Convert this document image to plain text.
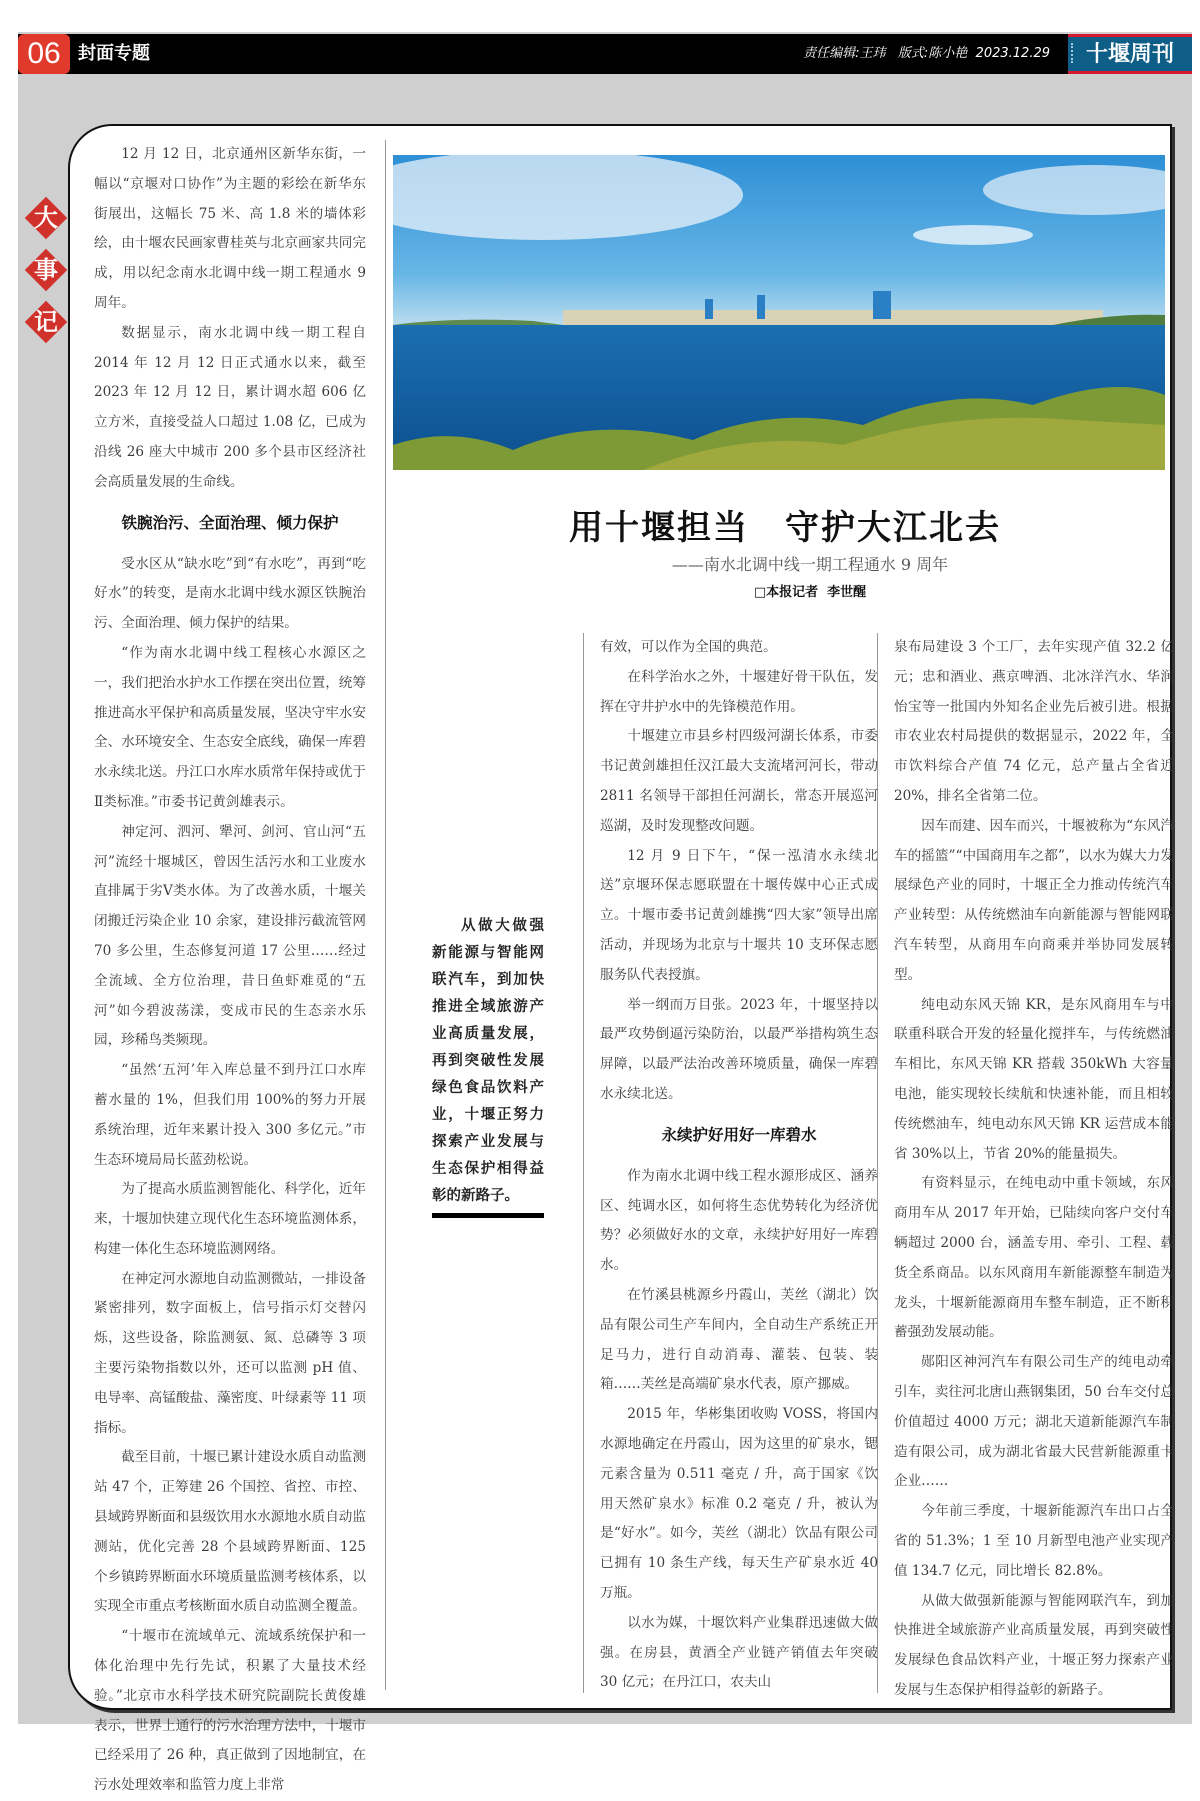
06 封面专题	责任编辑:王玮   版式:陈小艳  2023.12.29	十堰周刊
大
事
记

12 月 12 日，北京通州区新华东街，一幅以“京堰对口协作”为主题的彩绘在新华东街展出，这幅长 75 米、高 1.8 米的墙体彩绘，由十堰农民画家曹桂英与北京画家共同完成，用以纪念南水北调中线一期工程通水 9 周年。

数据显示，南水北调中线一期工程自 2014 年 12 月 12 日正式通水以来，截至 2023 年 12 月 12 日，累计调水超 606 亿立方米，直接受益人口超过 1.08 亿，已成为沿线 26 座大中城市 200 多个县市区经济社会高质量发展的生命线。

铁腕治污、全面治理、倾力保护

受水区从“缺水吃”到“有水吃”，再到“吃好水”的转变，是南水北调中线水源区铁腕治污、全面治理、倾力保护的结果。

“作为南水北调中线工程核心水源区之一，我们把治水护水工作摆在突出位置，统筹推进高水平保护和高质量发展，坚决守牢水安全、水环境安全、生态安全底线，确保一库碧水永续北送。丹江口水库水质常年保持或优于Ⅱ类标准。”市委书记黄剑雄表示。

神定河、泗河、犟河、剑河、官山河“五河”流经十堰城区，曾因生活污水和工业废水直排属于劣Ⅴ类水体。为了改善水质，十堰关闭搬迁污染企业 10 余家，建设排污截流管网 70 多公里，生态修复河道 17 公里……经过全流域、全方位治理，昔日鱼虾难觅的“五河”如今碧波荡漾，变成市民的生态亲水乐园，珍稀鸟类频现。

“虽然‘五河’年入库总量不到丹江口水库蓄水量的 1%，但我们用 100%的努力开展系统治理，近年来累计投入 300 多亿元。”市生态环境局局长蓝劲松说。

为了提高水质监测智能化、科学化，近年来，十堰加快建立现代化生态环境监测体系，构建一体化生态环境监测网络。

在神定河水源地自动监测微站，一排设备紧密排列，数字面板上，信号指示灯交替闪烁，这些设备，除监测氨、氮、总磷等 3 项主要污染物指数以外，还可以监测 pH 值、电导率、高锰酸盐、藻密度、叶绿素等 11 项指标。

截至目前，十堰已累计建设水质自动监测站 47 个，正筹建 26 个国控、省控、市控、县域跨界断面和县级饮用水水源地水质自动监测站，优化完善 28 个县域跨界断面、125 个乡镇跨界断面水环境质量监测考核体系，以实现全市重点考核断面水质自动监测全覆盖。

“十堰市在流域单元、流域系统保护和一体化治理中先行先试，积累了大量技术经验。”北京市水科学技术研究院副院长黄俊雄表示，世界上通行的污水治理方法中，十堰市已经采用了 26 种，真正做到了因地制宜，在污水处理效率和监管力度上非常

用十堰担当　守护大江北去
——南水北调中线一期工程通水 9 周年
□本报记者  李世醒

从做大做强新能源与智能网联汽车，到加快推进全域旅游产业高质量发展，再到突破性发展绿色食品饮料产业，十堰正努力探索产业发展与生态保护相得益彰的新路子。

有效，可以作为全国的典范。

在科学治水之外，十堰建好骨干队伍，发挥在守井护水中的先锋模范作用。

十堰建立市县乡村四级河湖长体系，市委书记黄剑雄担任汉江最大支流堵河河长，带动 2811 名领导干部担任河湖长，常态开展巡河巡湖，及时发现整改问题。

12 月 9 日下午，“保一泓清水永续北送”京堰环保志愿联盟在十堰传媒中心正式成立。十堰市委书记黄剑雄携“四大家”领导出席活动，并现场为北京与十堰共 10 支环保志愿服务队代表授旗。

举一纲而万目张。2023 年，十堰坚持以最严攻势倒逼污染防治，以最严举措构筑生态屏障，以最严法治改善环境质量，确保一库碧水永续北送。

永续护好用好一库碧水

作为南水北调中线工程水源形成区、涵养区、纯调水区，如何将生态优势转化为经济优势？必须做好水的文章，永续护好用好一库碧水。

在竹溪县桃源乡丹霞山，芙丝（湖北）饮品有限公司生产车间内，全自动生产系统正开足马力，进行自动消毒、灌装、包装、装箱……芙丝是高端矿泉水代表，原产挪威。

2015 年，华彬集团收购 VOSS，将国内水源地确定在丹霞山，因为这里的矿泉水，锶元素含量为 0.511 毫克 / 升，高于国家《饮用天然矿泉水》标准 0.2 毫克 / 升，被认为是“好水”。如今，芙丝（湖北）饮品有限公司已拥有 10 条生产线，每天生产矿泉水近 40 万瓶。

以水为媒，十堰饮料产业集群迅速做大做强。在房县，黄酒全产业链产销值去年突破 30 亿元；在丹江口，农夫山

泉布局建设 3 个工厂，去年实现产值 32.2 亿元；忠和酒业、燕京啤酒、北冰洋汽水、华润怡宝等一批国内外知名企业先后被引进。根据市农业农村局提供的数据显示，2022 年，全市饮料综合产值 74 亿元，总产量占全省近 20%，排名全省第二位。

因车而建、因车而兴，十堰被称为“东风汽车的摇篮”“中国商用车之都”，以水为媒大力发展绿色产业的同时，十堰正全力推动传统汽车产业转型：从传统燃油车向新能源与智能网联汽车转型，从商用车向商乘并举协同发展转型。

纯电动东风天锦 KR，是东风商用车与中联重科联合开发的轻量化搅拌车，与传统燃油车相比，东风天锦 KR 搭载 350kWh 大容量电池，能实现较长续航和快速补能，而且相较传统燃油车，纯电动东风天锦 KR 运营成本能省 30%以上，节省 20%的能量损失。

有资料显示，在纯电动中重卡领域，东风商用车从 2017 年开始，已陆续向客户交付车辆超过 2000 台，涵盖专用、牵引、工程、载货全系商品。以东风商用车新能源整车制造为龙头，十堰新能源商用车整车制造，正不断积蓄强劲发展动能。

郧阳区神河汽车有限公司生产的纯电动牵引车，卖往河北唐山燕钢集团，50 台车交付总价值超过 4000 万元；湖北天道新能源汽车制造有限公司，成为湖北省最大民营新能源重卡企业……

今年前三季度，十堰新能源汽车出口占全省的 51.3%；1 至 10 月新型电池产业实现产值 134.7 亿元，同比增长 82.8%。

从做大做强新能源与智能网联汽车，到加快推进全域旅游产业高质量发展，再到突破性发展绿色食品饮料产业，十堰正努力探索产业发展与生态保护相得益彰的新路子。
